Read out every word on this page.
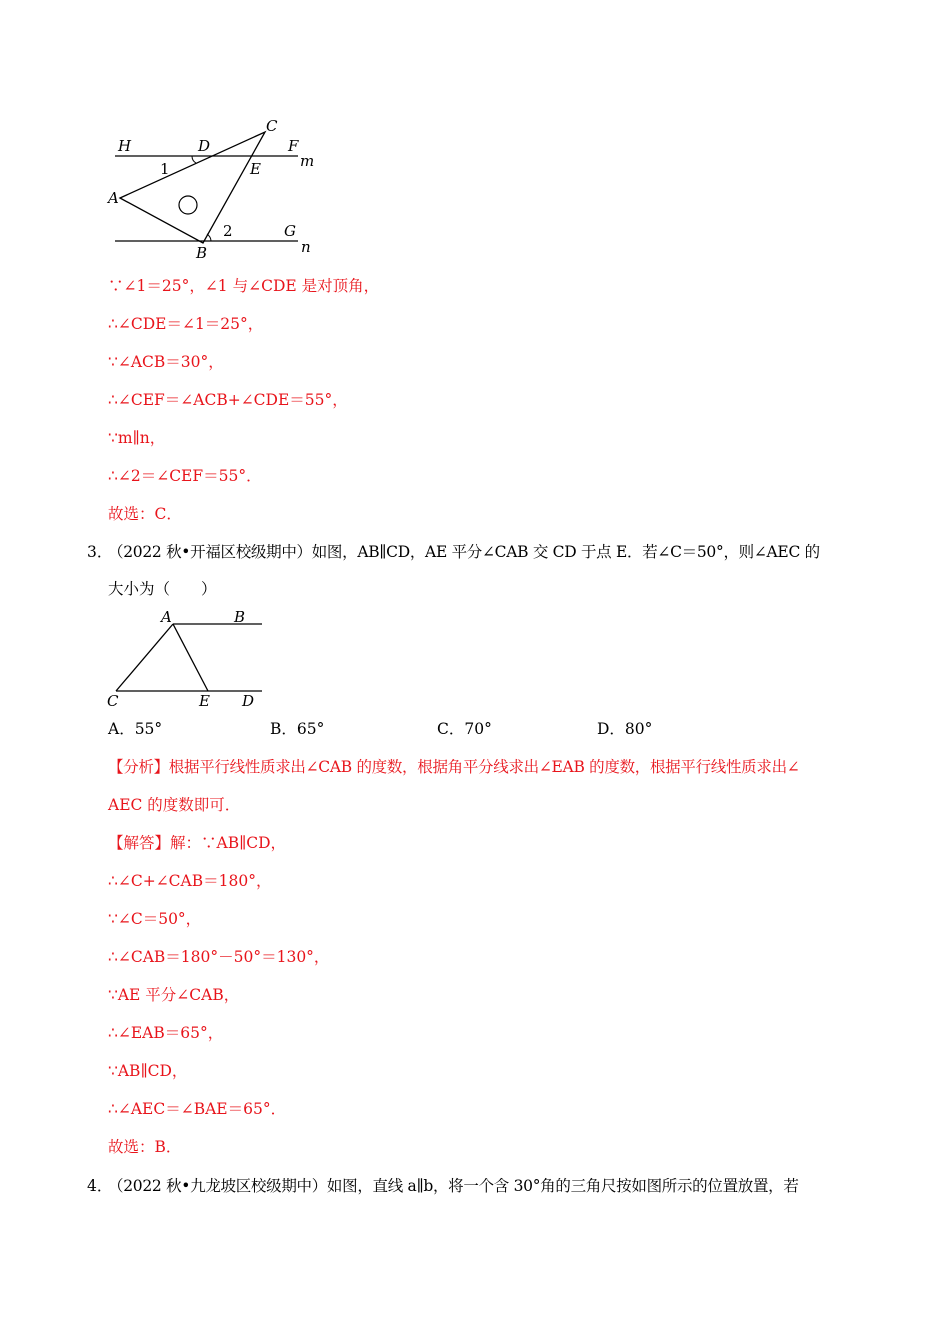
H	D
C
F
m
E
1
A
2	G
B	n
∵∠1＝25°，∠1 与∠CDE 是对顶角，
∴∠CDE＝∠1＝25°，
∵∠ACB＝30°，
∴∠CEF＝∠ACB+∠CDE＝55°，
∵m∥n，
∴∠2＝∠CEF＝55°．
故选：C．
3．
（2022 秋•开福区校级期中）如图，AB∥CD，AE 平分∠CAB 交 CD 于点 E．若∠C＝50°，则∠AEC 的
大小为（　　）
A	B
C	E D
A．55°	B．65°	C．70°	D．80°
【分析】根据平行线性质求出∠CAB 的度数，根据角平分线求出∠EAB 的度数，根据平行线性质求出∠
AEC 的度数即可．
【解答】解：∵AB∥CD，
∴∠C+∠CAB＝180°，
∵∠C＝50°，
∴∠CAB＝180°－50°＝130°，
∵AE 平分∠CAB，
∴∠EAB＝65°，
∵AB∥CD，
∴∠AEC＝∠BAE＝65°．
故选：B．
4．
（2022 秋•九龙坡区校级期中）如图，直线 a∥b，将一个含 30°角的三角尺按如图所示的位置放置，若
